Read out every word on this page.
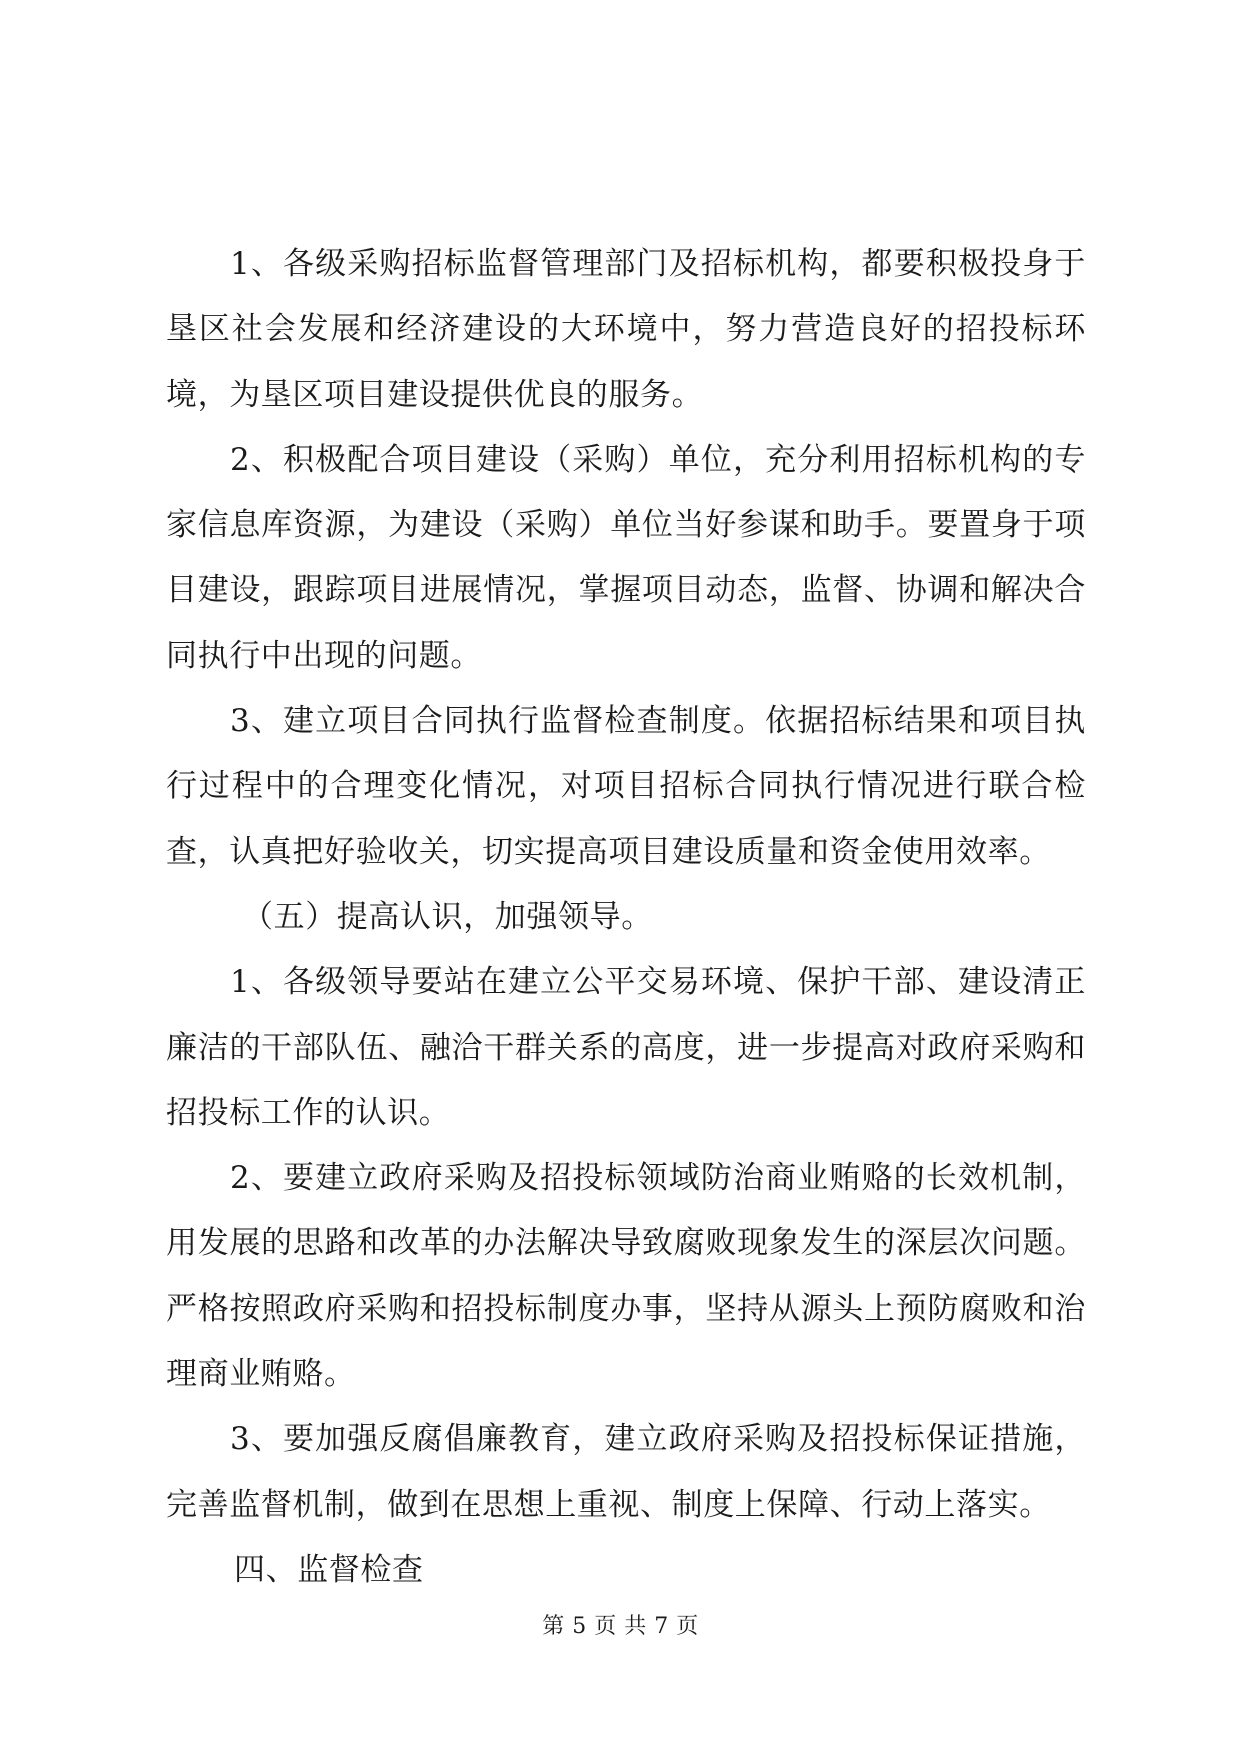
1、各级采购招标监督管理部门及招标机构，都要积极投身于垦区社会发展和经济建设的大环境中，努力营造良好的招投标环境，为垦区项目建设提供优良的服务。

2、积极配合项目建设（采购）单位，充分利用招标机构的专家信息库资源，为建设（采购）单位当好参谋和助手。要置身于项目建设，跟踪项目进展情况，掌握项目动态，监督、协调和解决合同执行中出现的问题。

3、建立项目合同执行监督检查制度。依据招标结果和项目执行过程中的合理变化情况，对项目招标合同执行情况进行联合检查，认真把好验收关，切实提高项目建设质量和资金使用效率。

（五）提高认识，加强领导。

1、各级领导要站在建立公平交易环境、保护干部、建设清正廉洁的干部队伍、融洽干群关系的高度，进一步提高对政府采购和招投标工作的认识。

2、要建立政府采购及招投标领域防治商业贿赂的长效机制，用发展的思路和改革的办法解决导致腐败现象发生的深层次问题。严格按照政府采购和招投标制度办事，坚持从源头上预防腐败和治理商业贿赂。

3、要加强反腐倡廉教育，建立政府采购及招投标保证措施，完善监督机制，做到在思想上重视、制度上保障、行动上落实。

四、监督检查

第 5 页 共 7 页
